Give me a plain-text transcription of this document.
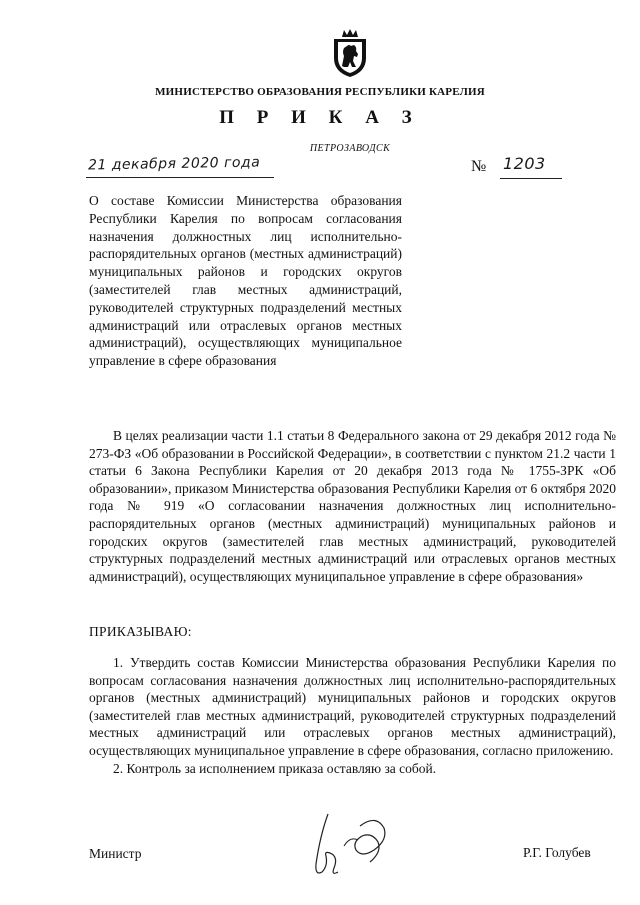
МИНИСТЕРСТВО ОБРАЗОВАНИЯ РЕСПУБЛИКИ КАРЕЛИЯ
П Р И К А З
ПЕТРОЗАВОДСК
21 декабря 2020 года	№ 1203
О составе Комиссии Министерства образования Республики Карелия по вопросам согласования назначения должностных лиц исполнительно-распорядительных органов (местных администраций) муниципальных районов и городских округов (заместителей глав местных администраций, руководителей структурных подразделений местных администраций или отраслевых органов местных администраций), осуществляющих муниципальное управление в сфере образования
В целях реализации части 1.1 статьи 8 Федерального закона от 29 декабря 2012 года № 273-ФЗ «Об образовании в Российской Федерации», в соответствии с пунктом 21.2 части 1 статьи 6 Закона Республики Карелия от 20 декабря 2013 года № 1755-ЗРК «Об образовании», приказом Министерства образования Республики Карелия от 6 октября 2020 года № 919 «О согласовании назначения должностных лиц исполнительно-распорядительных органов (местных администраций) муниципальных районов и городских округов (заместителей глав местных администраций, руководителей структурных подразделений местных администраций или отраслевых органов местных администраций), осуществляющих муниципальное управление в сфере образования»
ПРИКАЗЫВАЮ:

1. Утвердить состав Комиссии Министерства образования Республики Карелия по вопросам согласования назначения должностных лиц исполнительно-распорядительных органов (местных администраций) муниципальных районов и городских округов (заместителей глав местных администраций, руководителей структурных подразделений местных администраций или отраслевых органов местных администраций), осуществляющих муниципальное управление в сфере образования, согласно приложению.

2. Контроль за исполнением приказа оставляю за собой.

Министр	Р.Г. Голубев
